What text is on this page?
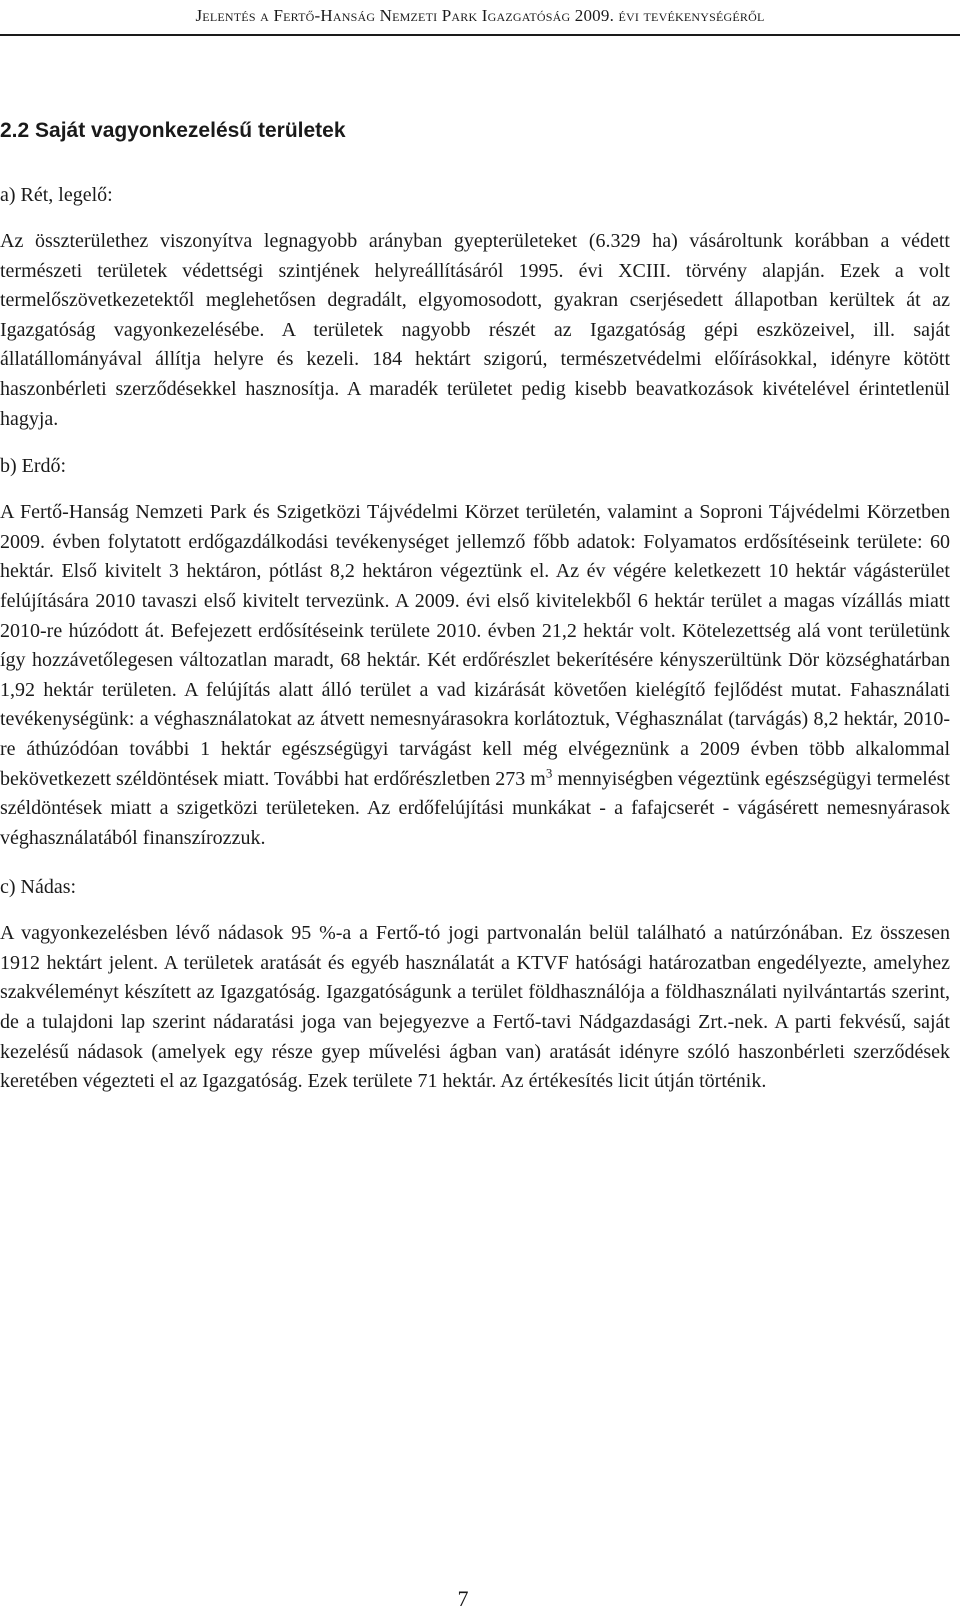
Jelentés a Fertő-Hanság Nemzeti Park Igazgatóság 2009. évi tevékenységéről
2.2 Saját vagyonkezelésű területek
a) Rét, legelő:

Az összterülethez viszonyítva legnagyobb arányban gyepterületeket (6.329 ha) vásároltunk korábban a védett természeti területek védettségi szintjének helyreállításáról 1995. évi XCIII. törvény alapján. Ezek a volt termelőszövetkezetektől meglehetősen degradált, elgyomosodott, gyakran cserjésedett állapotban kerültek át az Igazgatóság vagyonkezelésébe. A területek nagyobb részét az Igazgatóság gépi eszközeivel, ill. saját állatállományával állítja helyre és kezeli. 184 hektárt szigorú, természetvédelmi előírásokkal, idényre kötött haszonbérleti szerződésekkel hasznosítja. A maradék területet pedig kisebb beavatkozások kivételével érintetlenül hagyja.

b) Erdő:

A Fertő-Hanság Nemzeti Park és Szigetközi Tájvédelmi Körzet területén, valamint a Soproni Tájvédelmi Körzetben 2009. évben folytatott erdőgazdálkodási tevékenységet jellemző főbb adatok: Folyamatos erdősítéseink területe: 60 hektár. Első kivitelt 3 hektáron, pótlást 8,2 hektáron végeztünk el. Az év végére keletkezett 10 hektár vágásterület felújítására 2010 tavaszi első kivitelt tervezünk. A 2009. évi első kivitelekből 6 hektár terület a magas vízállás miatt 2010-re húzódott át. Befejezett erdősítéseink területe 2010. évben 21,2 hektár volt. Kötelezettség alá vont területünk így hozzávetőlegesen változatlan maradt, 68 hektár. Két erdőrészlet bekerítésére kényszerültünk Dör községhatárban 1,92 hektár területen. A felújítás alatt álló terület a vad kizárását követően kielégítő fejlődést mutat. Fahasználati tevékenységünk: a véghasználatokat az átvett nemesnyárasokra korlátoztuk, Véghasználat (tarvágás) 8,2 hektár, 2010-re áthúzódóan további 1 hektár egészségügyi tarvágást kell még elvégeznünk a 2009 évben több alkalommal bekövetkezett széldöntések miatt. További hat erdőrészletben 273 $m^3$ mennyiségben végeztünk egészségügyi termelést széldöntések miatt a szigetközi területeken. Az erdőfelújítási munkákat - a fafajcserét - vágásérett nemesnyárasok véghasználatából finanszírozzuk.

c) Nádas:

A vagyonkezelésben lévő nádasok 95 %-a a Fertő-tó jogi partvonalán belül található a natúrzónában. Ez összesen 1912 hektárt jelent. A területek aratását és egyéb használatát a KTVF hatósági határozatban engedélyezte, amelyhez szakvéleményt készített az Igazgatóság. Igazgatóságunk a terület földhasználója a földhasználati nyilvántartás szerint, de a tulajdoni lap szerint nádaratási joga van bejegyezve a Fertő-tavi Nádgazdasági Zrt.-nek. A parti fekvésű, saját kezelésű nádasok (amelyek egy része gyep művelési ágban van) aratását idényre szóló haszonbérleti szerződések keretében végezteti el az Igazgatóság. Ezek területe 71 hektár. Az értékesítés licit útján történik.

7
